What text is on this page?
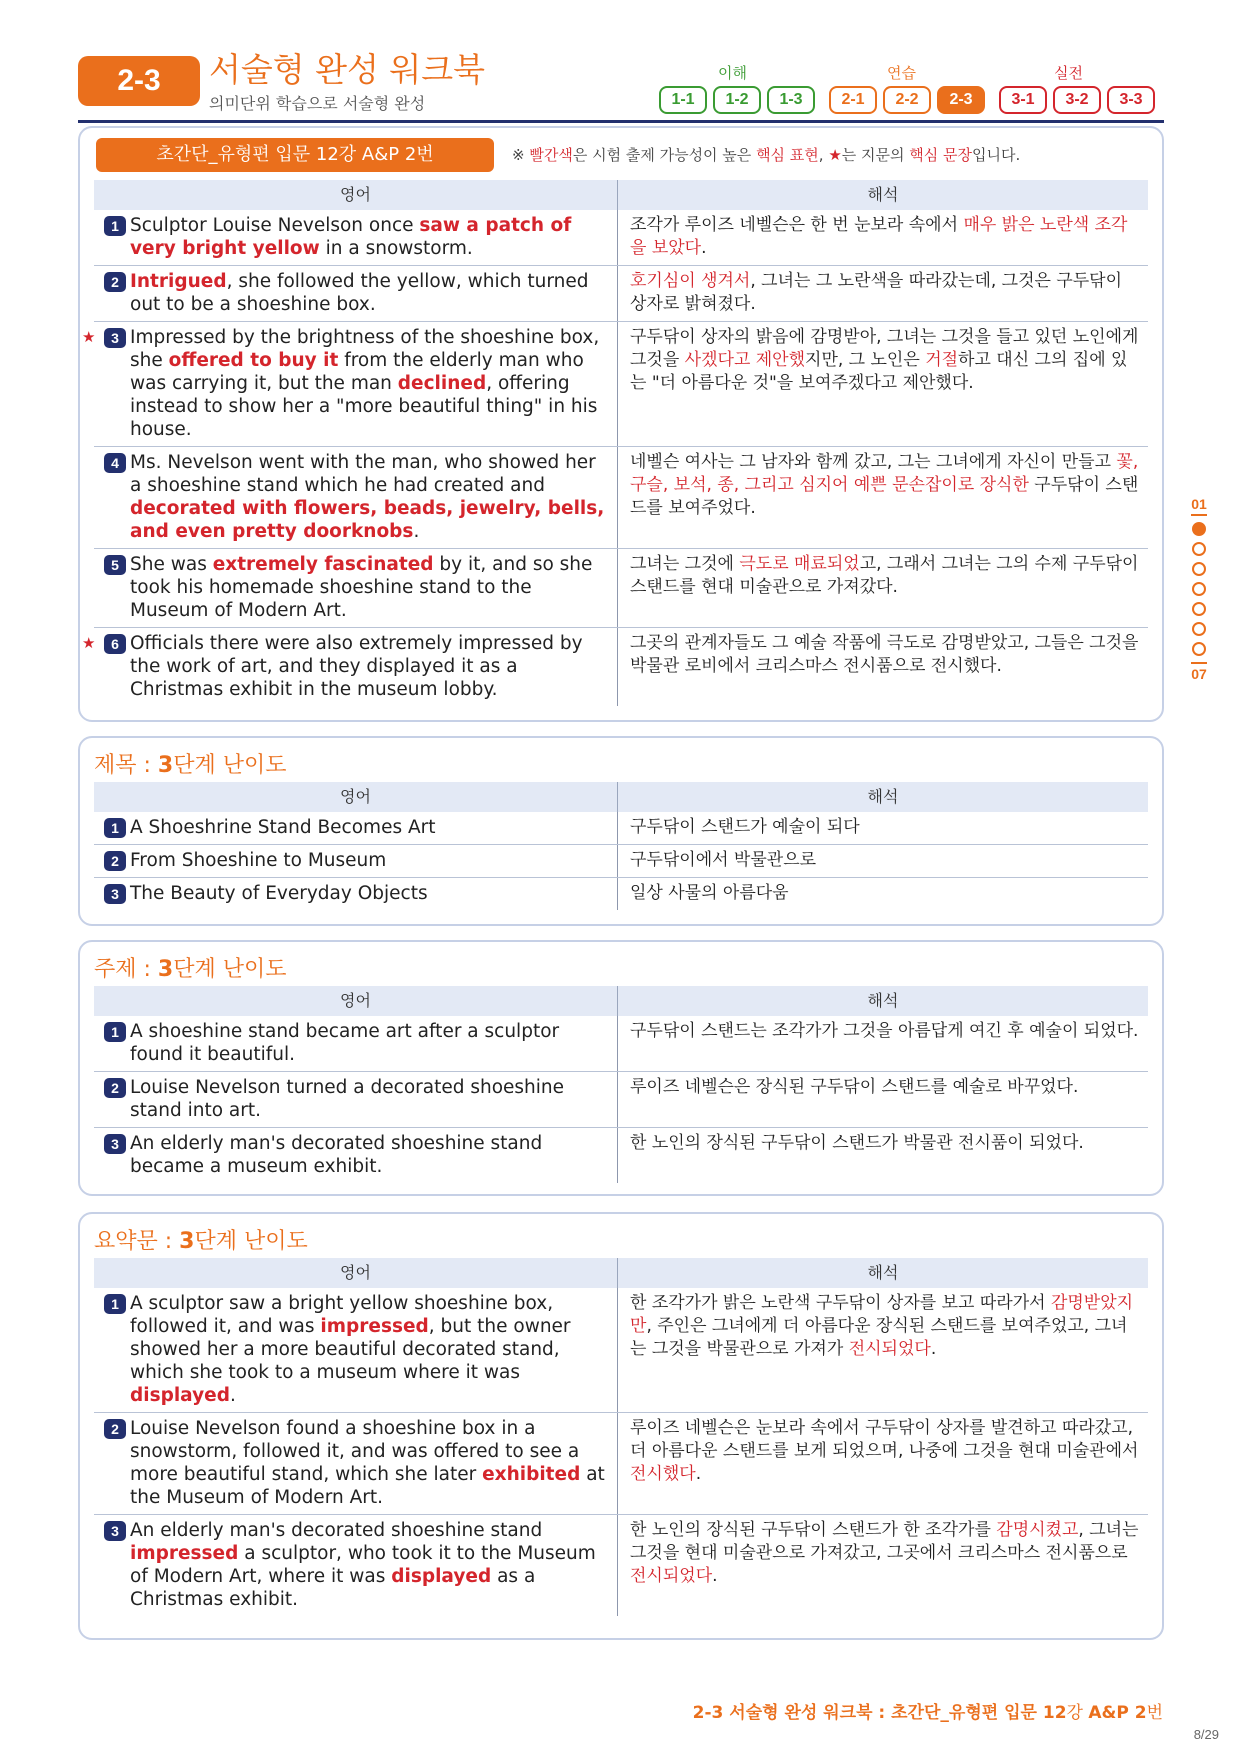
2-3	서술형 완성 워크북
의미단위 학습으로 서술형 완성
이해	연습	실전
1-1	1-2	1-3	2-1	2-2	2-3	3-1	3-2	3-3
초간단_유형편 입문 12강 A&P 2번	※ 빨간색은 시험 출제 가능성이 높은 핵심 표현, ★는 지문의 핵심 문장입니다.
영어	해석
1 Sculptor Louise Nevelson once saw a patch of very bright yellow in a snowstorm.
조각가 루이즈 네벨슨은 한 번 눈보라 속에서 매우 밝은 노란색 조각을 보았다.
2 Intrigued, she followed the yellow, which turned out to be a shoeshine box.
호기심이 생겨서, 그녀는 그 노란색을 따라갔는데, 그것은 구두닦이 상자로 밝혀졌다.
★	3 Impressed by the brightness of the shoeshine box, she offered to buy it from the elderly man who was carrying it, but the man declined, offering instead to show her a "more beautiful thing" in his house.
구두닦이 상자의 밝음에 감명받아, 그녀는 그것을 들고 있던 노인에게 그것을 사겠다고 제안했지만, 그 노인은 거절하고 대신 그의 집에 있는 "더 아름다운 것"을 보여주겠다고 제안했다.
4 Ms. Nevelson went with the man, who showed her a shoeshine stand which he had created and decorated with flowers, beads, jewelry, bells, and even pretty doorknobs.
네벨슨 여사는 그 남자와 함께 갔고, 그는 그녀에게 자신이 만들고 꽃, 구슬, 보석, 종, 그리고 심지어 예쁜 문손잡이로 장식한 구두닦이 스탠드를 보여주었다.
5 She was extremely fascinated by it, and so she took his homemade shoeshine stand to the Museum of Modern Art.
그녀는 그것에 극도로 매료되었고, 그래서 그녀는 그의 수제 구두닦이 스탠드를 현대 미술관으로 가져갔다.
★	6 Officials there were also extremely impressed by the work of art, and they displayed it as a Christmas exhibit in the museum lobby.
그곳의 관계자들도 그 예술 작품에 극도로 감명받았고, 그들은 그것을 박물관 로비에서 크리스마스 전시품으로 전시했다.
제목 : 3단계 난이도
영어	해석
1 A Shoeshrine Stand Becomes Art	구두닦이 스탠드가 예술이 되다
2 From Shoeshine to Museum	구두닦이에서 박물관으로
3 The Beauty of Everyday Objects	일상 사물의 아름다움
주제 : 3단계 난이도
영어	해석
1 A shoeshine stand became art after a sculptor found it beautiful.
구두닦이 스탠드는 조각가가 그것을 아름답게 여긴 후 예술이 되었다.
2 Louise Nevelson turned a decorated shoeshine stand into art.
루이즈 네벨슨은 장식된 구두닦이 스탠드를 예술로 바꾸었다.
3 An elderly man's decorated shoeshine stand became a museum exhibit.
한 노인의 장식된 구두닦이 스탠드가 박물관 전시품이 되었다.
요약문 : 3단계 난이도
영어	해석
1 A sculptor saw a bright yellow shoeshine box, followed it, and was impressed, but the owner showed her a more beautiful decorated stand, which she took to a museum where it was displayed.
한 조각가가 밝은 노란색 구두닦이 상자를 보고 따라가서 감명받았지만, 주인은 그녀에게 더 아름다운 장식된 스탠드를 보여주었고, 그녀는 그것을 박물관으로 가져가 전시되었다.
2 Louise Nevelson found a shoeshine box in a snowstorm, followed it, and was offered to see a more beautiful stand, which she later exhibited at the Museum of Modern Art.
루이즈 네벨슨은 눈보라 속에서 구두닦이 상자를 발견하고 따라갔고, 더 아름다운 스탠드를 보게 되었으며, 나중에 그것을 현대 미술관에서 전시했다.
3 An elderly man's decorated shoeshine stand impressed a sculptor, who took it to the Museum of Modern Art, where it was displayed as a Christmas exhibit.
한 노인의 장식된 구두닦이 스탠드가 한 조각가를 감명시켰고, 그녀는 그것을 현대 미술관으로 가져갔고, 그곳에서 크리스마스 전시품으로 전시되었다.
01
07
2-3 서술형 완성 워크북 : 초간단_유형편 입문 12강 A&P 2번
8/29
